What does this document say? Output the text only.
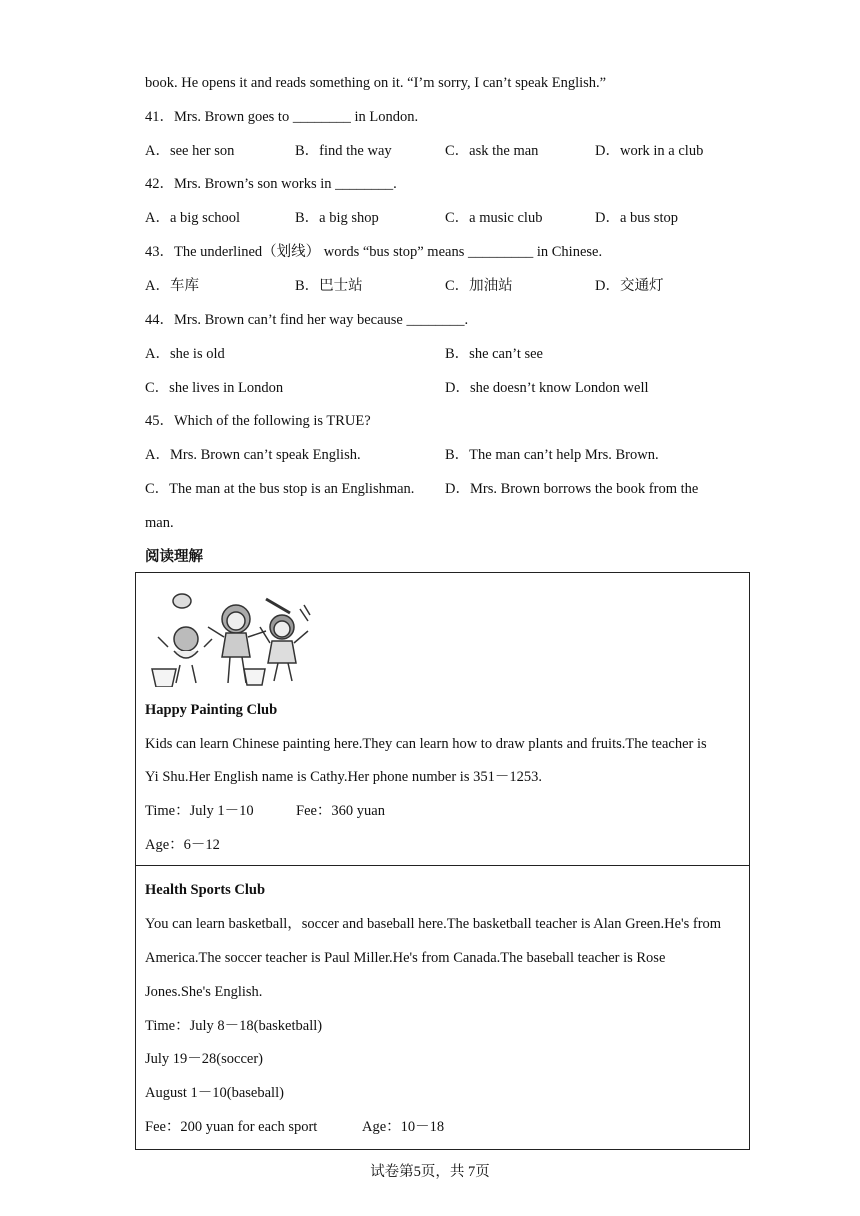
book. He opens it and reads something on it. “I’m sorry, I can’t speak English.”
41．Mrs. Brown goes to ________ in London.
A．see her son	B．find the way	C．ask the man	D．work in a club
42．Mrs. Brown’s son works in ________.
A．a big school	B．a big shop	C．a music club	D．a bus stop
43．The underlined（划线） words “bus stop” means _________ in Chinese.
A．车库	B．巴士站	C．加油站	D．交通灯
44．Mrs. Brown can’t find her way because ________.
A．she is old	B．she can’t see
C．she lives in London	D．she doesn’t know London well
45．Which of the following is TRUE?
A．Mrs. Brown can’t speak English.	B．The man can’t help Mrs. Brown.
C．The man at the bus stop is an Englishman. D．Mrs. Brown borrows the book from the
man.
阅读理解
Happy Painting Club
Kids can learn Chinese painting here.They can learn how to draw plants and fruits.The teacher is
Yi Shu.Her English name is Cathy.Her phone number is 351－1253.
Time：July 1－10	Fee：360 yuan
Age：6－12
Health Sports Club
You can learn basketball，soccer and baseball here.The basketball teacher is Alan Green.He's from
America.The soccer teacher is Paul Miller.He's from Canada.The baseball teacher is Rose
Jones.She's English.
Time：July 8－18(basketball)
July 19－28(soccer)
August 1－10(baseball)
Fee：200 yuan for each sport	Age：10－18
试卷第5页，共 7页
